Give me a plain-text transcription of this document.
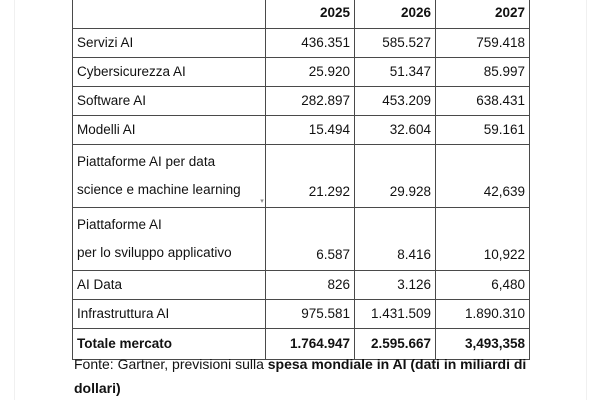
	2025	2026	2027

Servizi AI	436.351	585.527	759.418

Cybersicurezza AI	25.920	51.347	85.997

Software AI	282.897	453.209	638.431

Modelli AI	15.494	32.604	59.161

Piattaforme AI per data
science e machine learning	21.292	29.928	42,639

Piattaforme AI
per lo sviluppo applicativo	6.587	8.416	10,922

AI Data	826	3.126	6,480

Infrastruttura AI	975.581	1.431.509	1.890.310
Totale mercato	1.764.947	2.595.667	3,493,358
▾
Fonte: Gartner, previsioni sulla spesa mondiale in AI (dati in miliardi di dollari)
